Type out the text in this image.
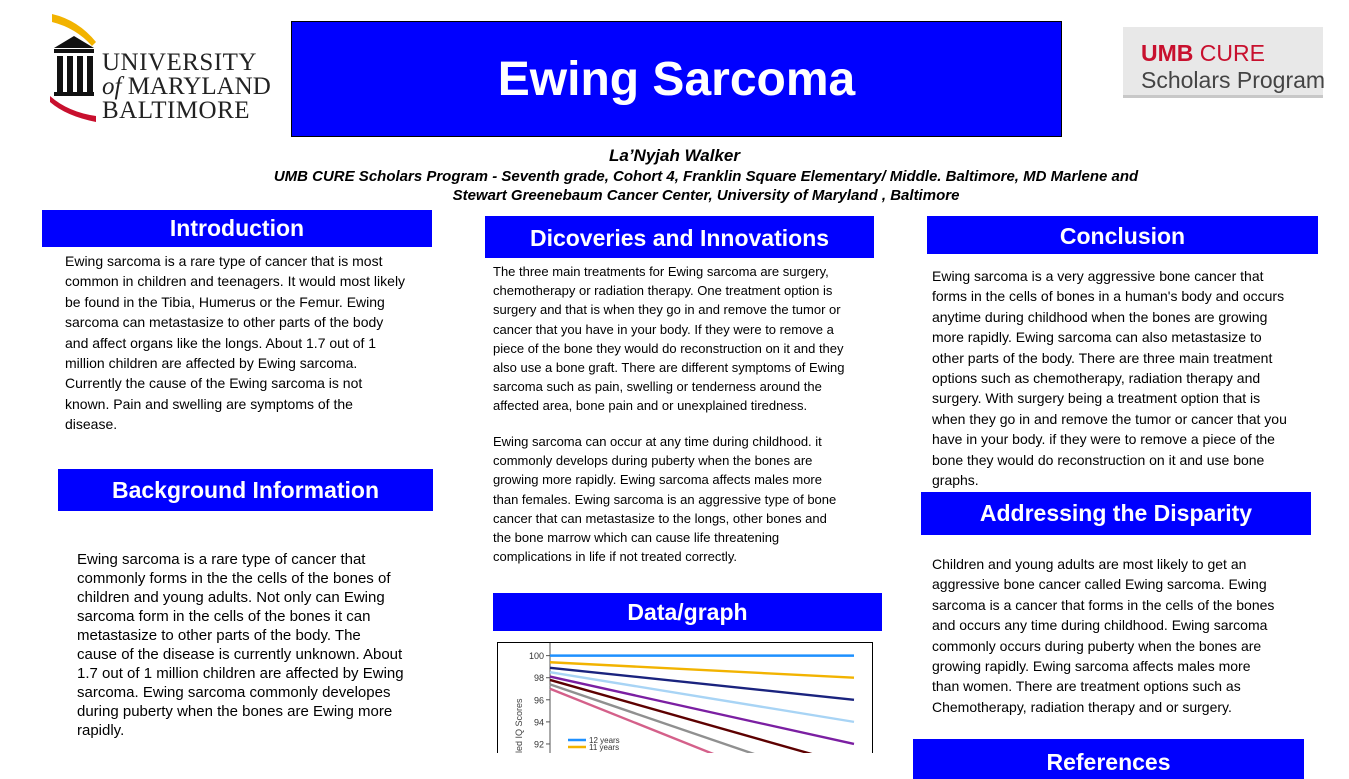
UNIVERSITY
of MARYLAND
BALTIMORE
Ewing Sarcoma	UMB CURE
Scholars Program
La’Nyjah Walker
UMB CURE Scholars Program - Seventh grade, Cohort 4, Franklin Square Elementary/ Middle. Baltimore, MD Marlene and
Stewart Greenebaum Cancer Center, University of Maryland , Baltimore
Introduction
Ewing sarcoma is a rare type of cancer that is most
common in children and teenagers. It would most likely
be found in the Tibia, Humerus or the Femur. Ewing
sarcoma can metastasize to other parts of the body
and affect organs like the longs. About 1.7 out of 1
million children are affected by Ewing sarcoma.
Currently the cause of the Ewing sarcoma is not
known. Pain and swelling are symptoms of the
disease.
Background Information
Ewing sarcoma is a rare type of cancer that
commonly forms in the the cells of the bones of
children and young adults. Not only can Ewing
sarcoma form in the cells of the bones it can
metastasize to other parts of the body. The
cause of the disease is currently unknown. About
1.7 out of 1 million children are affected by Ewing
sarcoma. Ewing sarcoma commonly developes
during puberty when the bones are Ewing more
rapidly.
Dicoveries and Innovations
The three main treatments for Ewing sarcoma are surgery,
chemotherapy or radiation therapy. One treatment option is
surgery and that is when they go in and remove the tumor or
cancer that you have in your body. If they were to remove a
piece of the bone they would do reconstruction on it and they
also use a bone graft. There are different symptoms of Ewing
sarcoma such as pain, swelling or tenderness around the
affected area, bone pain and or unexplained tiredness.
Ewing sarcoma can occur at any time during childhood. it
commonly develops during puberty when the bones are
growing more rapidly. Ewing sarcoma affects males more
than females. Ewing sarcoma is an aggressive type of bone
cancer that can metastasize to the longs, other bones and
the bone marrow which can cause life threatening
complications in life if not treated correctly.
Data/graph
led IQ Scores 92
94
96
98
100
12 years
11 years
Conclusion
Ewing sarcoma is a very aggressive bone cancer that
forms in the cells of bones in a human's body and occurs
anytime during childhood when the bones are growing
more rapidly. Ewing sarcoma can also metastasize to
other parts of the body. There are three main treatment
options such as chemotherapy, radiation therapy and
surgery. With surgery being a treatment option that is
when they go in and remove the tumor or cancer that you
have in your body. if they were to remove a piece of the
bone they would do reconstruction on it and use bone
graphs.
Addressing the Disparity
Children and young adults are most likely to get an
aggressive bone cancer called Ewing sarcoma. Ewing
sarcoma is a cancer that forms in the cells of the bones
and occurs any time during childhood. Ewing sarcoma
commonly occurs during puberty when the bones are
growing rapidly. Ewing sarcoma affects males more
than women. There are treatment options such as
Chemotherapy, radiation therapy and or surgery.
References
